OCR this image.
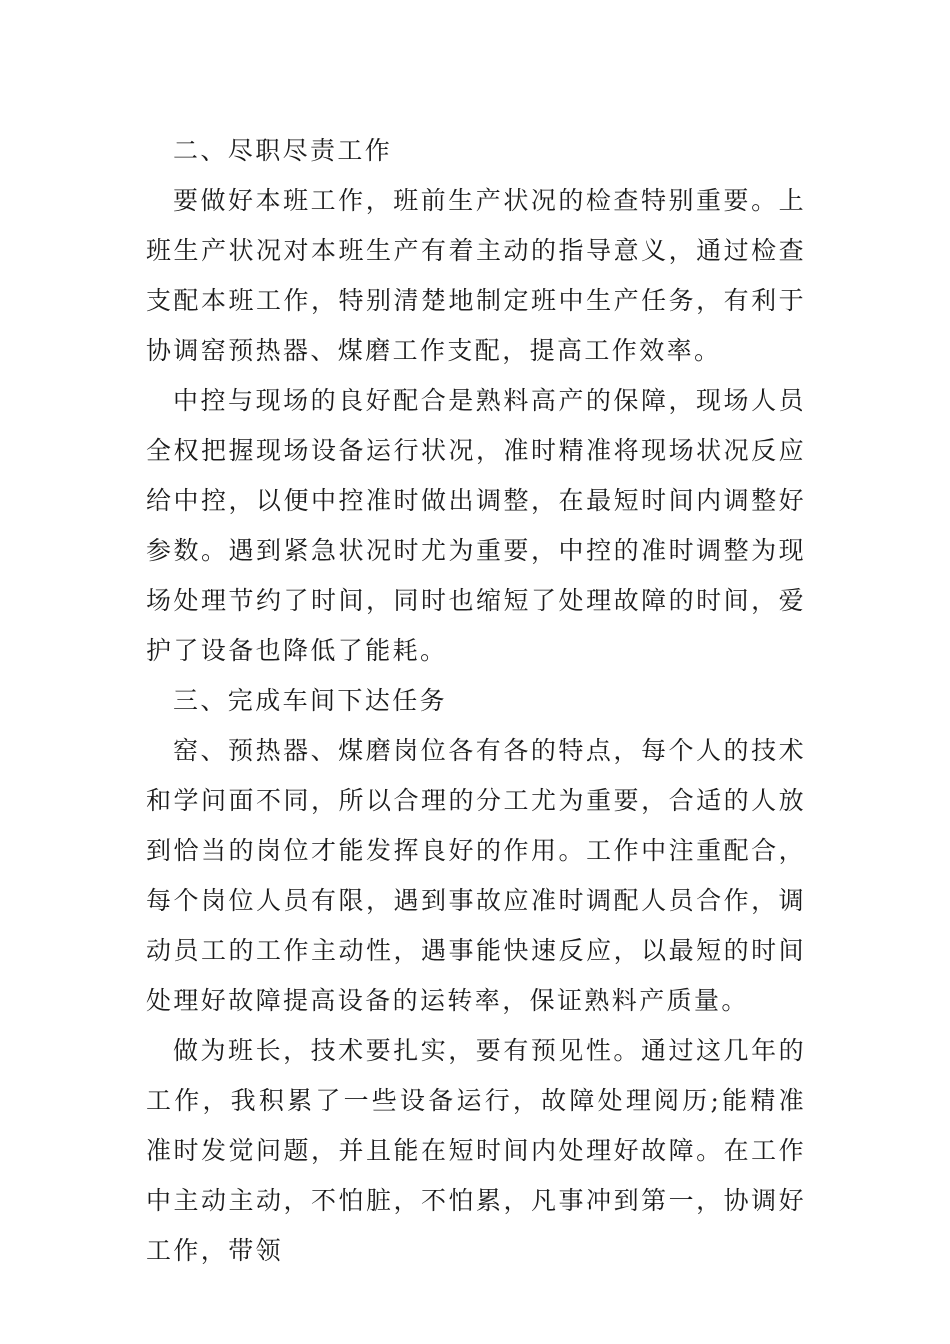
二、尽职尽责工作

要做好本班工作，班前生产状况的检查特别重要。上班生产状况对本班生产有着主动的指导意义，通过检查支配本班工作，特别清楚地制定班中生产任务，有利于协调窑预热器、煤磨工作支配，提高工作效率。

中控与现场的良好配合是熟料高产的保障，现场人员全权把握现场设备运行状况，准时精准将现场状况反应给中控，以便中控准时做出调整，在最短时间内调整好参数。遇到紧急状况时尤为重要，中控的准时调整为现场处理节约了时间，同时也缩短了处理故障的时间，爱护了设备也降低了能耗。

三、完成车间下达任务

窑、预热器、煤磨岗位各有各的特点，每个人的技术和学问面不同，所以合理的分工尤为重要，合适的人放到恰当的岗位才能发挥良好的作用。工作中注重配合，每个岗位人员有限，遇到事故应准时调配人员合作，调动员工的工作主动性，遇事能快速反应，以最短的时间处理好故障提高设备的运转率，保证熟料产质量。

做为班长，技术要扎实，要有预见性。通过这几年的工作，我积累了一些设备运行，故障处理阅历;能精准准时发觉问题，并且能在短时间内处理好故障。在工作中主动主动，不怕脏，不怕累，凡事冲到第一，协调好工作，带领
